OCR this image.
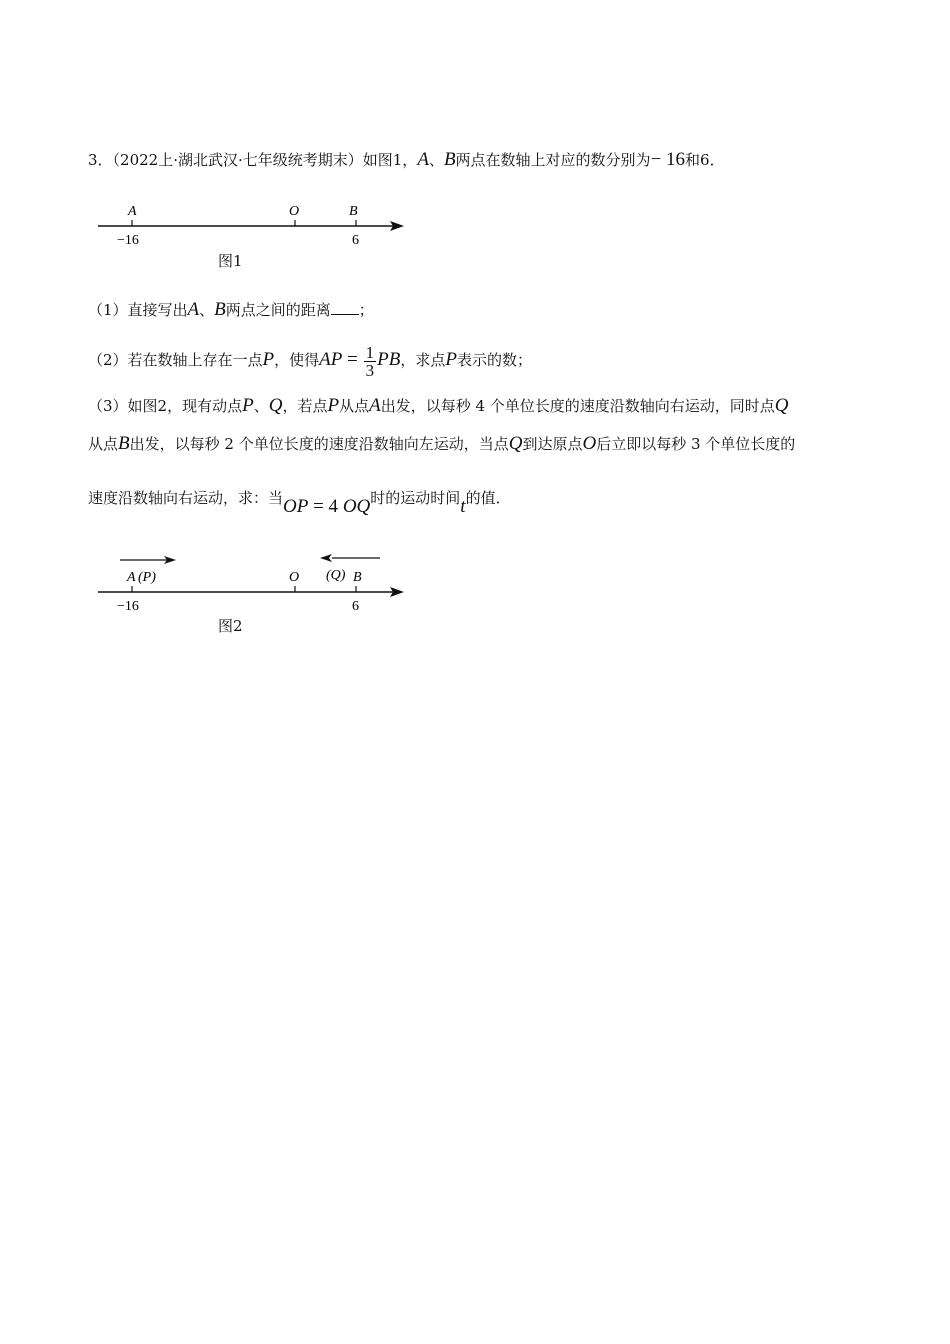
3．（2022上·湖北武汉·七年级统考期末）如图1，A、B两点在数轴上对应的数分别为− 16和6．
A	O	B
−16	6
图1
（1）直接写出A、B两点之间的距离 ；
（2）若在数轴上存在一点P，使得AP = $\frac{1}{3}$ PB，求点P表示的数；
（3）如图2，现有动点P、Q，若点P从点A出发，以每秒 4 个单位长度的速度沿数轴向右运动，同时点Q
从点B出发，以每秒 2 个单位长度的速度沿数轴向左运动，当点Q到达原点O后立即以每秒 3 个单位长度的
速度沿数轴向右运动，求：当OP = 4 OQ时的运动时间t的值．
A (P)	O (Q) B
−16	6
图2
